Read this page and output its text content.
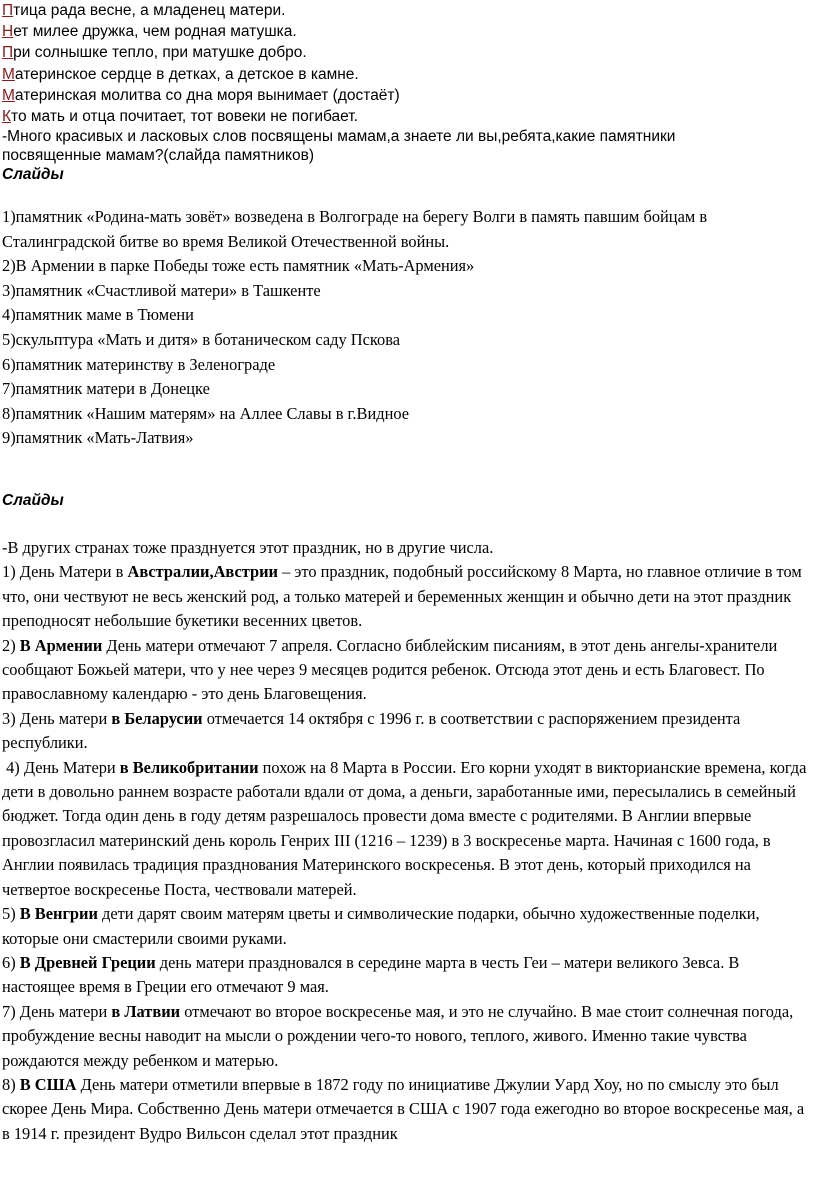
Птица рада весне, а младенец матери.
Нет милее дружка, чем родная матушка.
При солнышке тепло, при матушке добро.
Материнское сердце в детках, а детское в камне.
Материнская молитва со дна моря вынимает (достаёт)
Кто мать и отца почитает, тот вовеки не погибает.
-Много красивых и ласковых слов посвящены мамам,а знаете ли вы,ребята,какие памятники посвященные мамам?(слайда памятников)
Слайды
1)памятник «Родина-мать зовёт» возведена в Волгограде на берегу Волги в память павшим бойцам в Сталинградской битве во время Великой Отечественной войны.
2)В Армении в парке Победы тоже есть памятник «Мать-Армения»
3)памятник «Счастливой матери» в Ташкенте
4)памятник маме в Тюмени
5)скульптура «Мать и дитя» в ботаническом саду Пскова
6)памятник материнству в Зеленограде
7)памятник матери в Донецке
8)памятник «Нашим матерям» на Аллее Славы в г.Видное
9)памятник «Мать-Латвия»
Слайды

-В других странах тоже празднуется этот праздник, но в другие числа.

1) День Матери в Австралии,Австрии – это праздник, подобный российскому 8 Марта, но главное отличие в том что, они чествуют не весь женский род, а только матерей и беременных женщин и обычно дети на этот праздник преподносят небольшие букетики весенних цветов.

2) В Армении День матери отмечают 7 апреля. Согласно библейским писаниям, в этот день ангелы-хранители сообщают Божьей матери, что у нее через 9 месяцев родится ребенок. Отсюда этот день и есть Благовест. По православному календарю - это день Благовещения.

3) День матери в Беларусии отмечается 14 октября с 1996 г. в соответствии с распоряжением президента республики.

4) День Матери в Великобритании похож на 8 Марта в России. Его корни уходят в викторианские времена, когда дети в довольно раннем возрасте работали вдали от дома, а деньги, заработанные ими, пересылались в семейный бюджет. Тогда один день в году детям разрешалось провести дома вместе с родителями. В Англии впервые провозгласил материнский день король Генрих III (1216 – 1239) в 3 воскресенье марта. Начиная с 1600 года, в Англии появилась традиция празднования Материнского воскресенья. В этот день, который приходился на четвертое воскресенье Поста, чествовали матерей.

5) В Венгрии дети дарят своим матерям цветы и символические подарки, обычно художественные поделки, которые они смастерили своими руками.

6) В Древней Греции день матери праздновался в середине марта в честь Геи – матери великого Зевса. В настоящее время в Греции его отмечают 9 мая.

7) День матери в Латвии отмечают во второе воскресенье мая, и это не случайно. В мае стоит солнечная погода, пробуждение весны наводит на мысли о рождении чего-то нового, теплого, живого. Именно такие чувства рождаются между ребенком и матерью.

8) В США День матери отметили впервые в 1872 году по инициативе Джулии Уард Хоу, но по смыслу это был скорее День Мира. Собственно День матери отмечается в США с 1907 года ежегодно во второе воскресенье мая, а в 1914 г. президент Вудро Вильсон сделал этот праздник
